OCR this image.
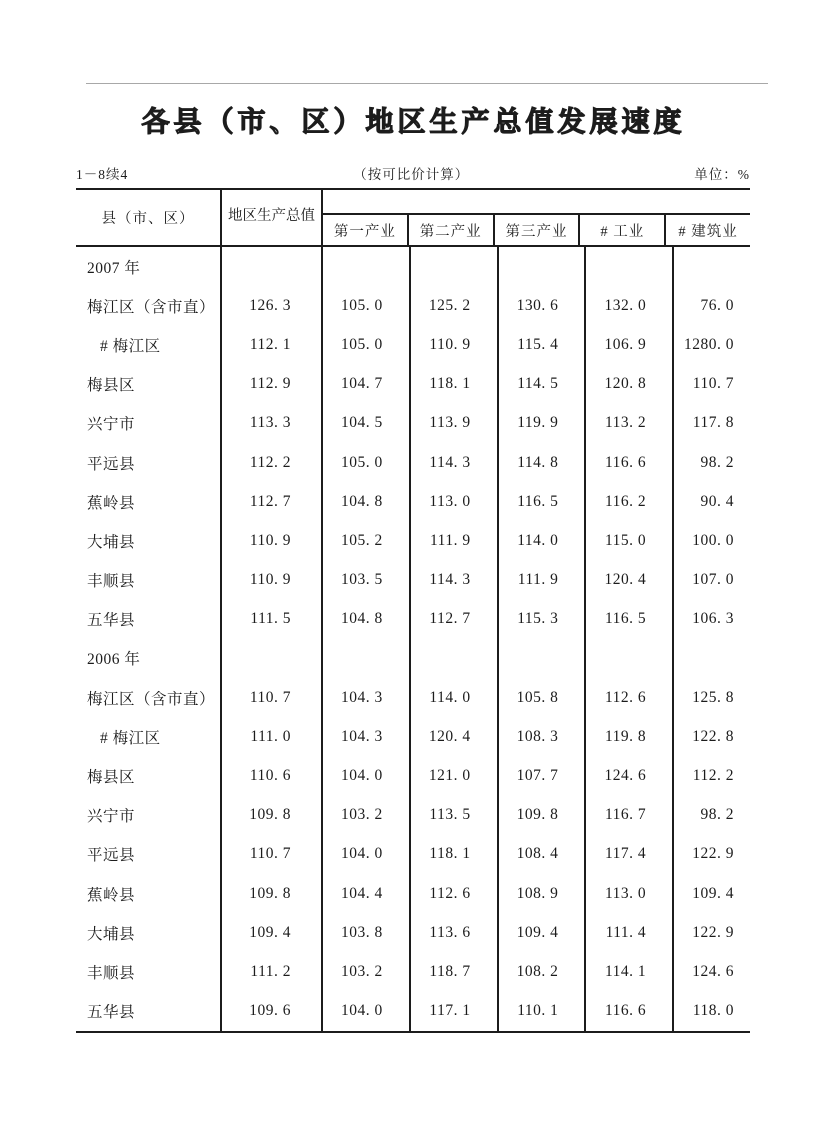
各县（市、区）地区生产总值发展速度
1－8续4	（按可比价计算）	单位：%
县（市、区）	地区生产总值
第一产业	第二产业	第三产业	# 工业	# 建筑业
2007 年
梅江区（含市直）	126. 3	105. 0	125. 2	130. 6	132. 0	76. 0
# 梅江区	112. 1	105. 0	110. 9	115. 4	106. 9	1280. 0
梅县区	112. 9	104. 7	118. 1	114. 5	120. 8	110. 7
兴宁市	113. 3	104. 5	113. 9	119. 9	113. 2	117. 8
平远县	112. 2	105. 0	114. 3	114. 8	116. 6	98. 2
蕉岭县	112. 7	104. 8	113. 0	116. 5	116. 2	90. 4
大埔县	110. 9	105. 2	111. 9	114. 0	115. 0	100. 0
丰顺县	110. 9	103. 5	114. 3	111. 9	120. 4	107. 0
五华县	111. 5	104. 8	112. 7	115. 3	116. 5	106. 3
2006 年
梅江区（含市直）	110. 7	104. 3	114. 0	105. 8	112. 6	125. 8
# 梅江区	111. 0	104. 3	120. 4	108. 3	119. 8	122. 8
梅县区	110. 6	104. 0	121. 0	107. 7	124. 6	112. 2
兴宁市	109. 8	103. 2	113. 5	109. 8	116. 7	98. 2
平远县	110. 7	104. 0	118. 1	108. 4	117. 4	122. 9
蕉岭县	109. 8	104. 4	112. 6	108. 9	113. 0	109. 4
大埔县	109. 4	103. 8	113. 6	109. 4	111. 4	122. 9
丰顺县	111. 2	103. 2	118. 7	108. 2	114. 1	124. 6
五华县	109. 6	104. 0	117. 1	110. 1	116. 6	118. 0
